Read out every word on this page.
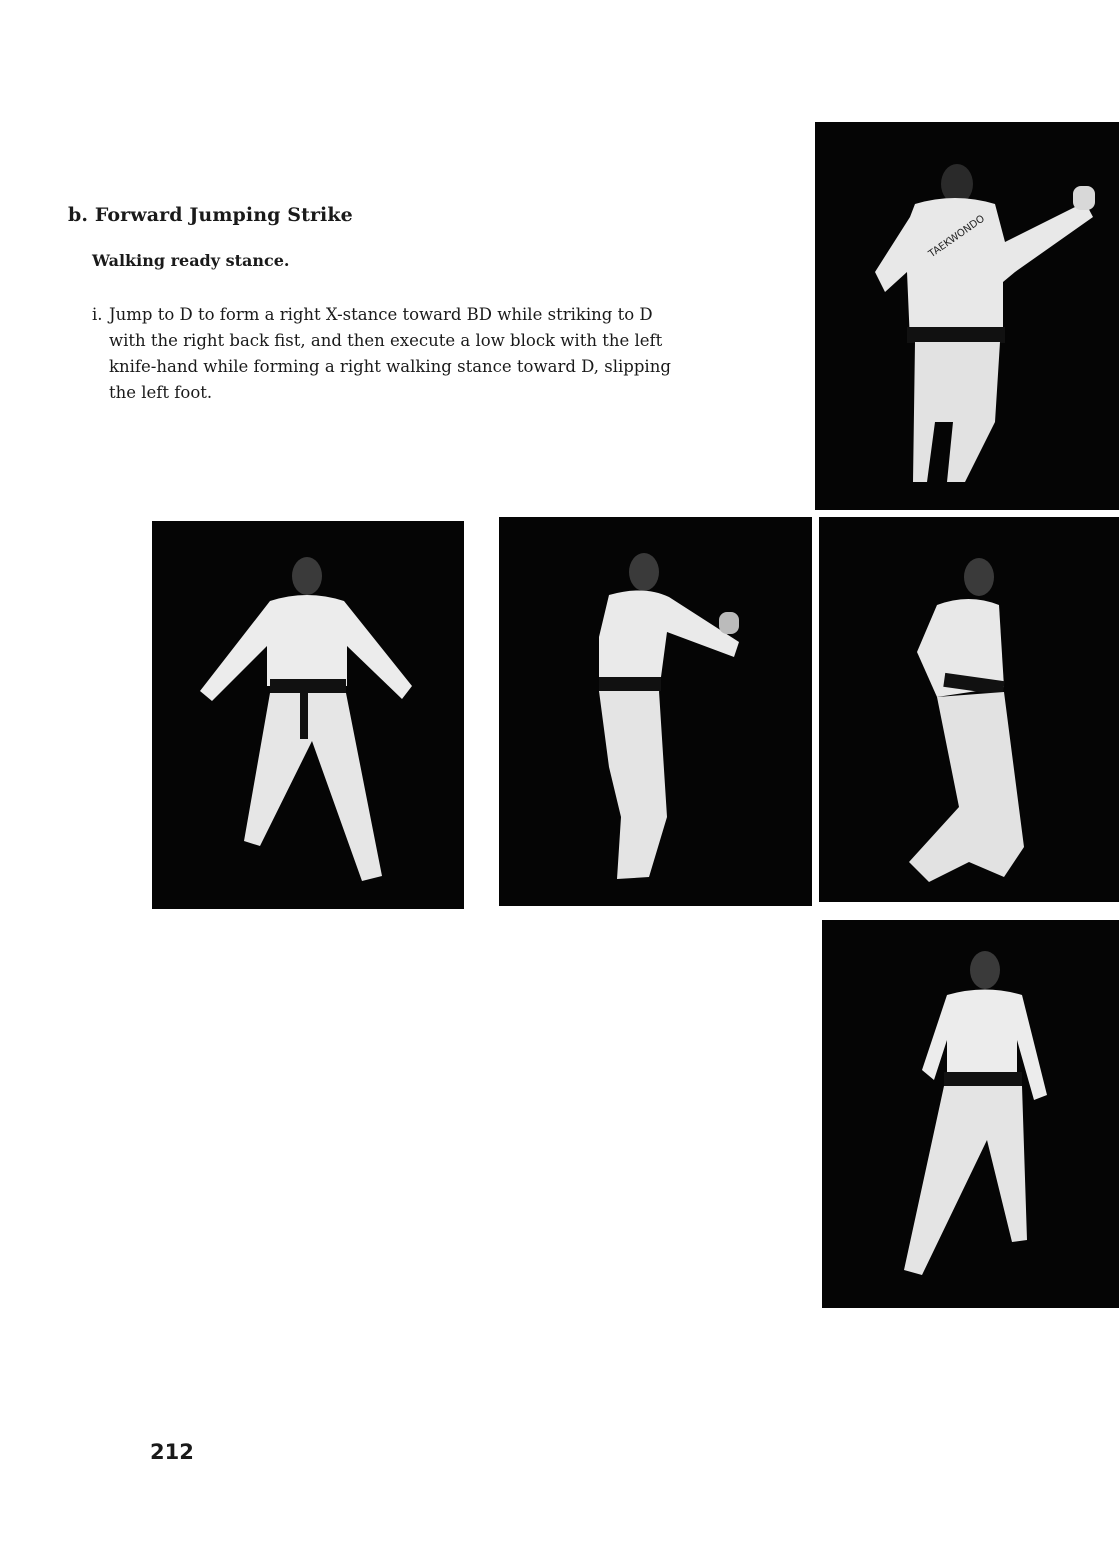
b. Forward Jumping Strike
Walking ready stance.
i. Jump to D to form a right X-stance toward BD while striking to D
with the right back fist, and then execute a low block with the left
knife-hand while forming a right walking stance toward D, slipping
the left foot.
TAEKWONDO
212
